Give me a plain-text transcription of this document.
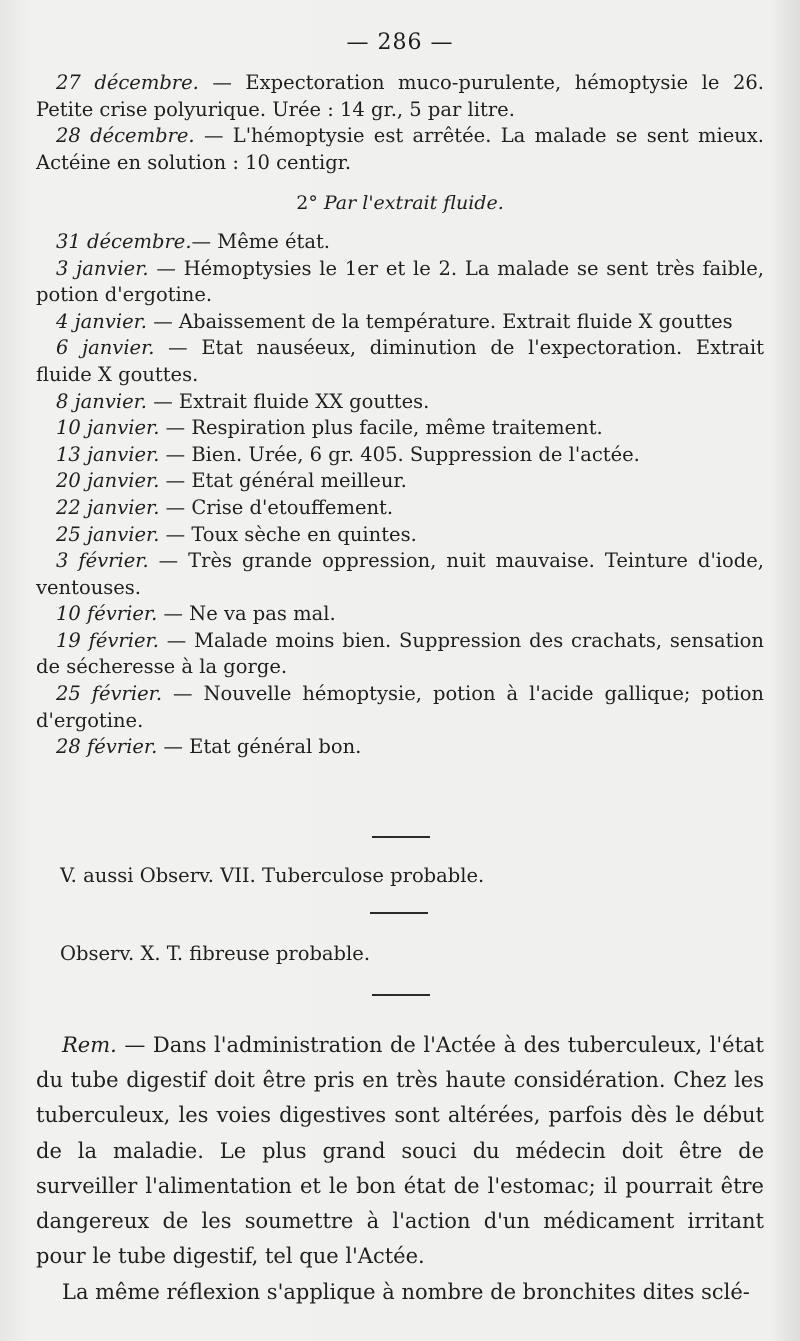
— 286 —
27 décembre. — Expectoration muco-purulente, hémoptysie le 26. Petite crise polyurique. Urée : 14 gr., 5 par litre.
28 décembre. — L'hémoptysie est arrêtée. La malade se sent mieux. Actéine en solution : 10 centigr.
2° Par l'extrait fluide.
31 décembre.— Même état.
3 janvier. — Hémoptysies le 1er et le 2. La malade se sent très faible, potion d'ergotine.
4 janvier. — Abaissement de la température. Extrait fluide X gouttes
6 janvier. — Etat nauséeux, diminution de l'expectoration. Extrait fluide X gouttes.
8 janvier. — Extrait fluide XX gouttes.
10 janvier. — Respiration plus facile, même traitement.
13 janvier. — Bien. Urée, 6 gr. 405. Suppression de l'actée.
20 janvier. — Etat général meilleur.
22 janvier. — Crise d'etouffement.
25 janvier. — Toux sèche en quintes.
3 février. — Très grande oppression, nuit mauvaise. Teinture d'iode, ventouses.
10 février. — Ne va pas mal.
19 février. — Malade moins bien. Suppression des crachats, sensation de sécheresse à la gorge.
25 février. — Nouvelle hémoptysie, potion à l'acide gallique; potion d'ergotine.
28 février. — Etat général bon.
V. aussi Observ. VII. Tuberculose probable.
Observ. X. T. fibreuse probable.
Rem. — Dans l'administration de l'Actée à des tuberculeux, l'état du tube digestif doit être pris en très haute considération. Chez les tuberculeux, les voies digestives sont altérées, parfois dès le début de la maladie. Le plus grand souci du médecin doit être de surveiller l'alimentation et le bon état de l'estomac; il pourrait être dangereux de les soumettre à l'action d'un médicament irritant pour le tube digestif, tel que l'Actée.
La même réflexion s'applique à nombre de bronchites dites sclé-
